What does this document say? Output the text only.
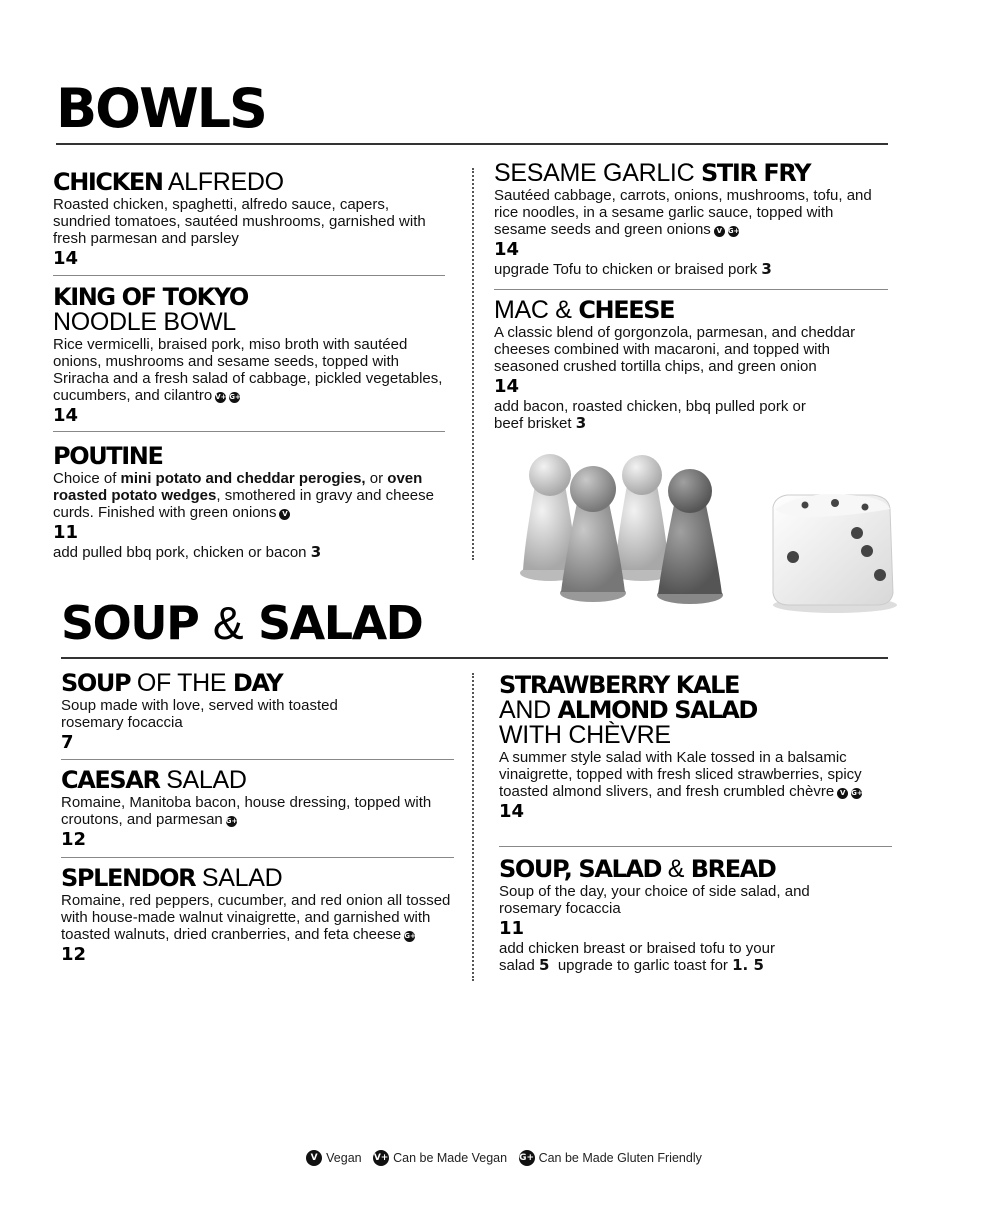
BOWLS
CHICKEN ALFREDO

Roasted chicken, spaghetti, alfredo sauce, capers, sundried tomatoes, sautéed mushrooms, garnished with fresh parmesan and parsley

14

KING OF TOKYO
NOODLE BOWL

Rice vermicelli, braised pork, miso broth with sautéed onions, mushrooms and sesame seeds, topped with Sriracha and a fresh salad of cabbage, pickled vegetables, cucumbers, and cilantro V+ G+

14

POUTINE

Choice of mini potato and cheddar perogies, or oven roasted potato wedges, smothered in gravy and cheese curds. Finished with green onions V

11

add pulled bbq pork, chicken or bacon 3

SESAME GARLIC STIR FRY

Sautéed cabbage, carrots, onions, mushrooms, tofu, and rice noodles, in a sesame garlic sauce, topped with sesame seeds and green onions V G+

14

upgrade Tofu to chicken or braised pork 3

MAC & CHEESE

A classic blend of gorgonzola, parmesan, and cheddar cheeses combined with macaroni, and topped with seasoned crushed tortilla chips, and green onion

14

add bacon, roasted chicken, bbq pulled pork or beef brisket 3

SOUP & SALAD
SOUP OF THE DAY

Soup made with love, served with toasted rosemary focaccia

7

CAESAR SALAD

Romaine, Manitoba bacon, house dressing, topped with croutons, and parmesan G+

12

SPLENDOR SALAD

Romaine, red peppers, cucumber, and red onion all tossed with house-made walnut vinaigrette, and garnished with toasted walnuts, dried cranberries, and feta cheese G+

12

STRAWBERRY KALE
AND ALMOND SALAD
WITH CHÈVRE

A summer style salad with Kale tossed in a balsamic vinaigrette, topped with fresh sliced strawberries, spicy toasted almond slivers, and fresh crumbled chèvre V G+

14

SOUP, SALAD & BREAD

Soup of the day, your choice of side salad, and rosemary focaccia

11

add chicken breast or braised tofu to your salad 5 upgrade to garlic toast for 1. 5

V Vegan V+ Can be Made Vegan G+ Can be Made Gluten Friendly
